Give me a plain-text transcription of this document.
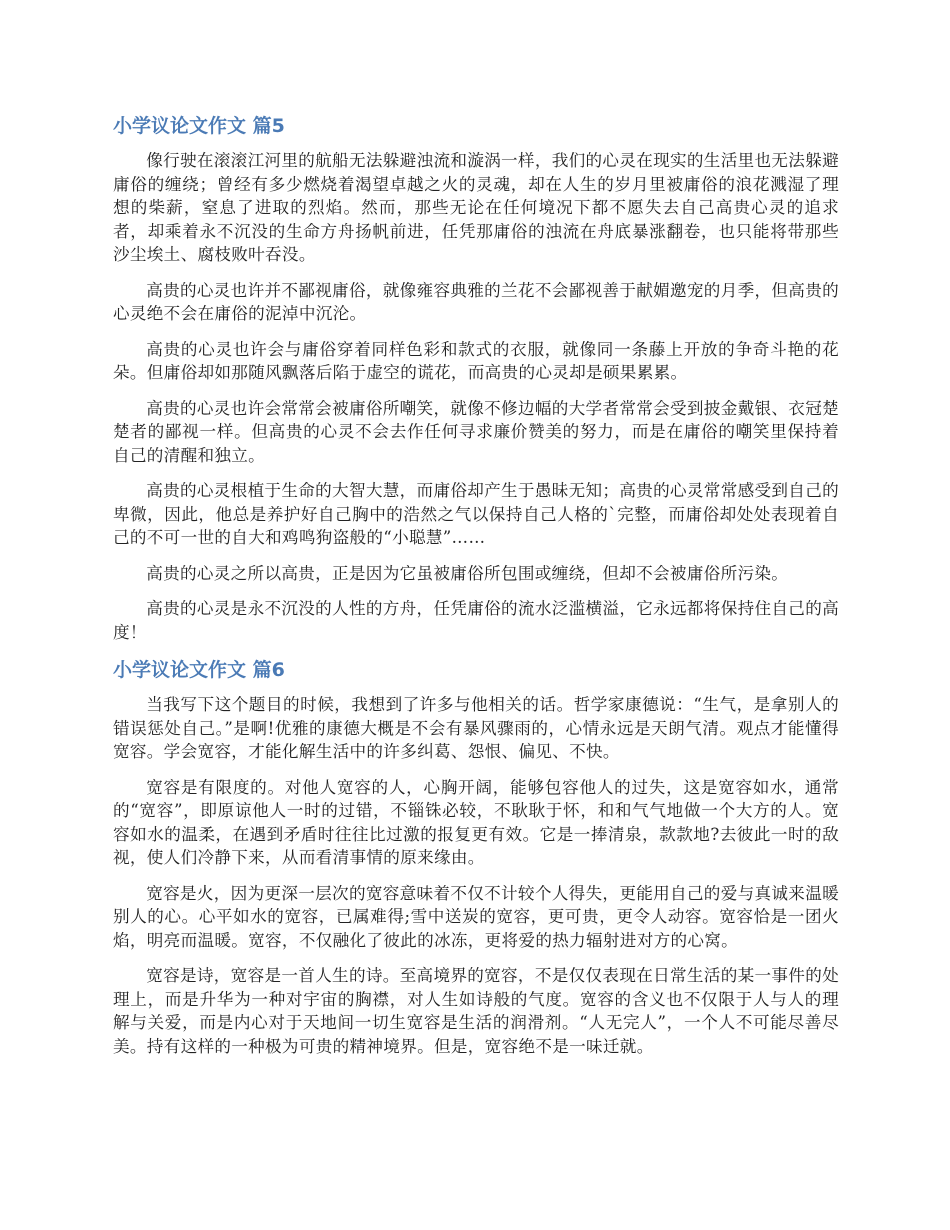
小学议论文作文 篇5

像行驶在滚滚江河里的航船无法躲避浊流和漩涡一样，我们的心灵在现实的生活里也无法躲避庸俗的缠绕；曾经有多少燃烧着渴望卓越之火的灵魂，却在人生的岁月里被庸俗的浪花溅湿了理想的柴薪，窒息了进取的烈焰。然而，那些无论在任何境况下都不愿失去自己高贵心灵的追求者，却乘着永不沉没的生命方舟扬帆前进，任凭那庸俗的浊流在舟底暴涨翻卷，也只能将带那些沙尘埃土、腐枝败叶吞没。

高贵的心灵也许并不鄙视庸俗，就像雍容典雅的兰花不会鄙视善于献媚邀宠的月季，但高贵的心灵绝不会在庸俗的泥淖中沉沦。

高贵的心灵也许会与庸俗穿着同样色彩和款式的衣服，就像同一条藤上开放的争奇斗艳的花朵。但庸俗却如那随风飘落后陷于虚空的谎花，而高贵的心灵却是硕果累累。

高贵的心灵也许会常常会被庸俗所嘲笑，就像不修边幅的大学者常常会受到披金戴银、衣冠楚楚者的鄙视一样。但高贵的心灵不会去作任何寻求廉价赞美的努力，而是在庸俗的嘲笑里保持着自己的清醒和独立。

高贵的心灵根植于生命的大智大慧，而庸俗却产生于愚昧无知；高贵的心灵常常感受到自己的卑微，因此，他总是养护好自己胸中的浩然之气以保持自己人格的`完整，而庸俗却处处表现着自己的不可一世的自大和鸡鸣狗盗般的“小聪慧”……

高贵的心灵之所以高贵，正是因为它虽被庸俗所包围或缠绕，但却不会被庸俗所污染。

高贵的心灵是永不沉没的人性的方舟，任凭庸俗的流水泛滥横溢，它永远都将保持住自己的高度！

小学议论文作文 篇6

当我写下这个题目的时候，我想到了许多与他相关的话。哲学家康德说：“生气，是拿别人的错误惩处自己。”是啊!优雅的康德大概是不会有暴风骤雨的，心情永远是天朗气清。观点才能懂得宽容。学会宽容，才能化解生活中的许多纠葛、怨恨、偏见、不快。

宽容是有限度的。对他人宽容的人，心胸开阔，能够包容他人的过失，这是宽容如水，通常的“宽容”，即原谅他人一时的过错，不锱铢必较，不耿耿于怀，和和气气地做一个大方的人。宽容如水的温柔，在遇到矛盾时往往比过激的报复更有效。它是一捧清泉，款款地?去彼此一时的敌视，使人们冷静下来，从而看清事情的原来缘由。

宽容是火，因为更深一层次的宽容意味着不仅不计较个人得失，更能用自己的爱与真诚来温暖别人的心。心平如水的宽容，已属难得;雪中送炭的宽容，更可贵，更令人动容。宽容恰是一团火焰，明亮而温暖。宽容，不仅融化了彼此的冰冻，更将爱的热力辐射进对方的心窝。

宽容是诗，宽容是一首人生的诗。至高境界的宽容，不是仅仅表现在日常生活的某一事件的处理上，而是升华为一种对宇宙的胸襟，对人生如诗般的气度。宽容的含义也不仅限于人与人的理解与关爱，而是内心对于天地间一切生宽容是生活的润滑剂。“人无完人”，一个人不可能尽善尽美。持有这样的一种极为可贵的精神境界。但是，宽容绝不是一味迁就。
